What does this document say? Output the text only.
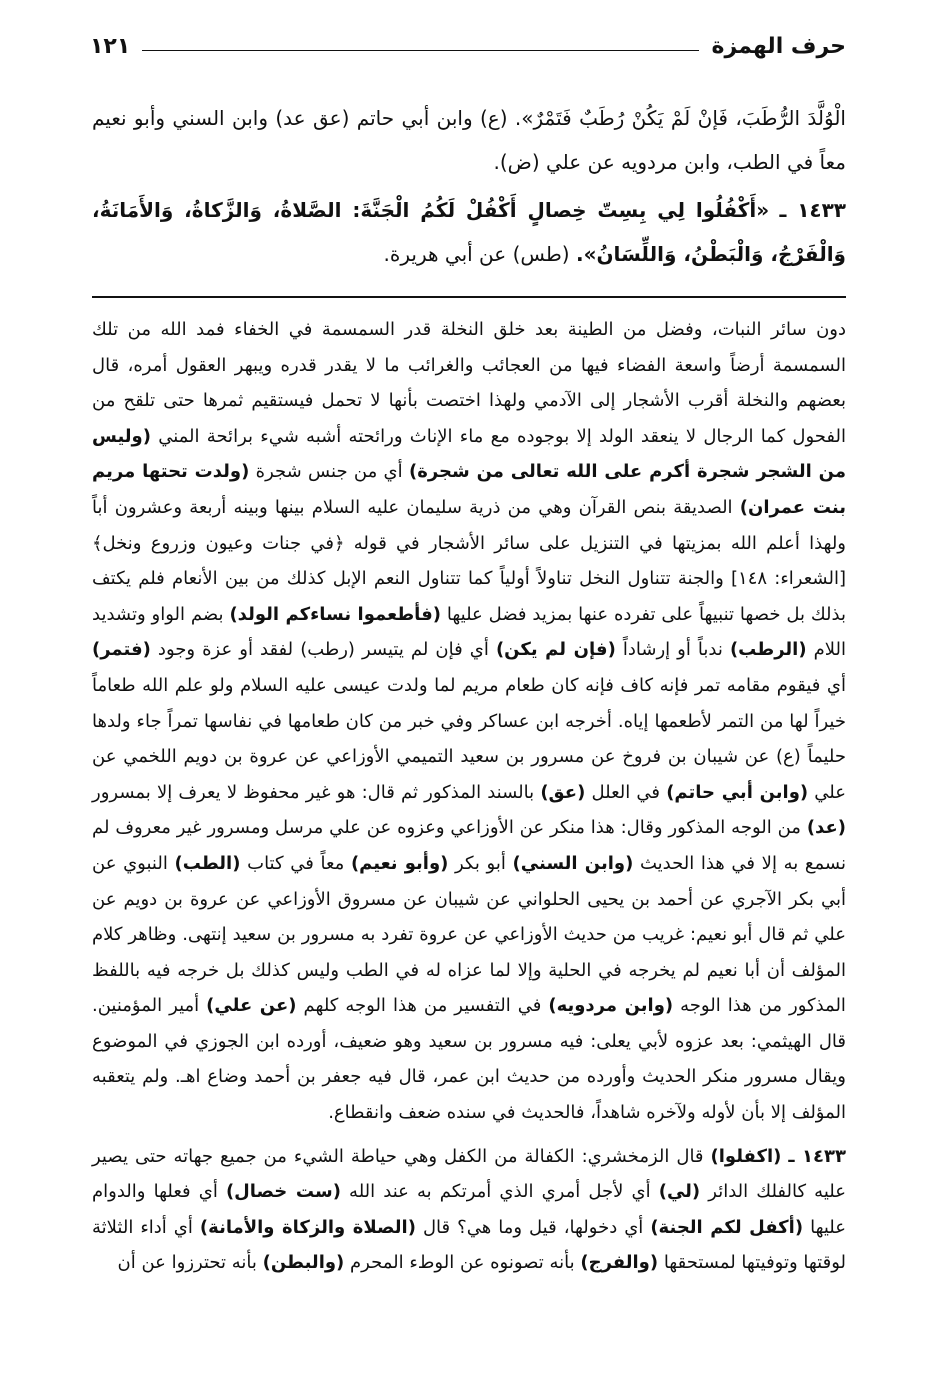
حرف الهمزة
١٢١

الْوُلَّدَ الرُّطَبَ، فَإنْ لَمْ يَكُنْ رُطَبٌ فَتَمْرٌ». (ع) وابن أبي حاتم (عق عد) وابن السني وأبو نعيم معاً في الطب، وابن مردويه عن علي (ض).

١٤٣٣ ـ «أَكْفُلُوا لِي بِسِتّ خِصالٍ أَكْفُلْ لَكُمُ الْجَنَّةَ: الصَّلاةُ، وَالزَّكاةُ، وَالأَمَانَةُ، وَالْفَرْجُ، وَالْبَطْنُ، وَاللِّسَانُ». (طس) عن أبي هريرة.

دون سائر النبات، وفضل من الطينة بعد خلق النخلة قدر السمسمة في الخفاء فمد الله من تلك السمسمة أرضاً واسعة الفضاء فيها من العجائب والغرائب ما لا يقدر قدره ويبهر العقول أمره، قال بعضهم والنخلة أقرب الأشجار إلى الآدمي ولهذا اختصت بأنها لا تحمل فيستقيم ثمرها حتى تلقح من الفحول كما الرجال لا ينعقد الولد إلا بوجوده مع ماء الإناث ورائحته أشبه شيء برائحة المني (وليس من الشجر شجرة أكرم على الله تعالى من شجرة) أي من جنس شجرة (ولدت تحتها مريم بنت عمران) الصديقة بنص القرآن وهي من ذرية سليمان عليه السلام بينها وبينه أربعة وعشرون أباً ولهذا أعلم الله بمزيتها في التنزيل على سائر الأشجار في قوله ﴿في جنات وعيون وزروع ونخل﴾ [الشعراء: ١٤٨] والجنة تتناول النخل تناولاً أولياً كما تتناول النعم الإبل كذلك من بين الأنعام فلم يكتف بذلك بل خصها تنبيهاً على تفرده عنها بمزيد فضل عليها (فأطعموا نساءكم الولد) بضم الواو وتشديد اللام (الرطب) ندباً أو إرشاداً (فإن لم يكن) أي فإن لم يتيسر (رطب) لفقد أو عزة وجود (فتمر) أي فيقوم مقامه تمر فإنه كاف فإنه كان طعام مريم لما ولدت عيسى عليه السلام ولو علم الله طعاماً خيراً لها من التمر لأطعمها إياه. أخرجه ابن عساكر وفي خبر من كان طعامها في نفاسها تمراً جاء ولدها حليماً (ع) عن شيبان بن فروخ عن مسرور بن سعيد التميمي الأوزاعي عن عروة بن دويم اللخمي عن علي (وابن أبي حاتم) في العلل (عق) بالسند المذكور ثم قال: هو غير محفوظ لا يعرف إلا بمسرور (عد) من الوجه المذكور وقال: هذا منكر عن الأوزاعي وعزوه عن علي مرسل ومسرور غير معروف لم نسمع به إلا في هذا الحديث (وابن السني) أبو بكر (وأبو نعيم) معاً في كتاب (الطب) النبوي عن أبي بكر الآجري عن أحمد بن يحيى الحلواني عن شيبان عن مسروق الأوزاعي عن عروة بن دويم عن علي ثم قال أبو نعيم: غريب من حديث الأوزاعي عن عروة تفرد به مسرور بن سعيد إنتهى. وظاهر كلام المؤلف أن أبا نعيم لم يخرجه في الحلية وإلا لما عزاه له في الطب وليس كذلك بل خرجه فيه باللفظ المذكور من هذا الوجه (وابن مردويه) في التفسير من هذا الوجه كلهم (عن علي) أمير المؤمنين. قال الهيثمي: بعد عزوه لأبي يعلى: فيه مسرور بن سعيد وهو ضعيف، أورده ابن الجوزي في الموضوع ويقال مسرور منكر الحديث وأورده من حديث ابن عمر، قال فيه جعفر بن أحمد وضاع اهـ. ولم يتعقبه المؤلف إلا بأن لأوله ولآخره شاهداً، فالحديث في سنده ضعف وانقطاع.

١٤٣٣ ـ (اكفلوا) قال الزمخشري: الكفالة من الكفل وهي حياطة الشيء من جميع جهاته حتى يصير عليه كالفلك الدائر (لي) أي لأجل أمري الذي أمرتكم به عند الله (ست خصال) أي فعلها والدوام عليها (أكفل لكم الجنة) أي دخولها، قيل وما هي؟ قال (الصلاة والزكاة والأمانة) أي أداء الثلاثة لوقتها وتوفيتها لمستحقها (والفرج) بأنه تصونوه عن الوطء المحرم (والبطن) بأنه تحترزوا عن أن
